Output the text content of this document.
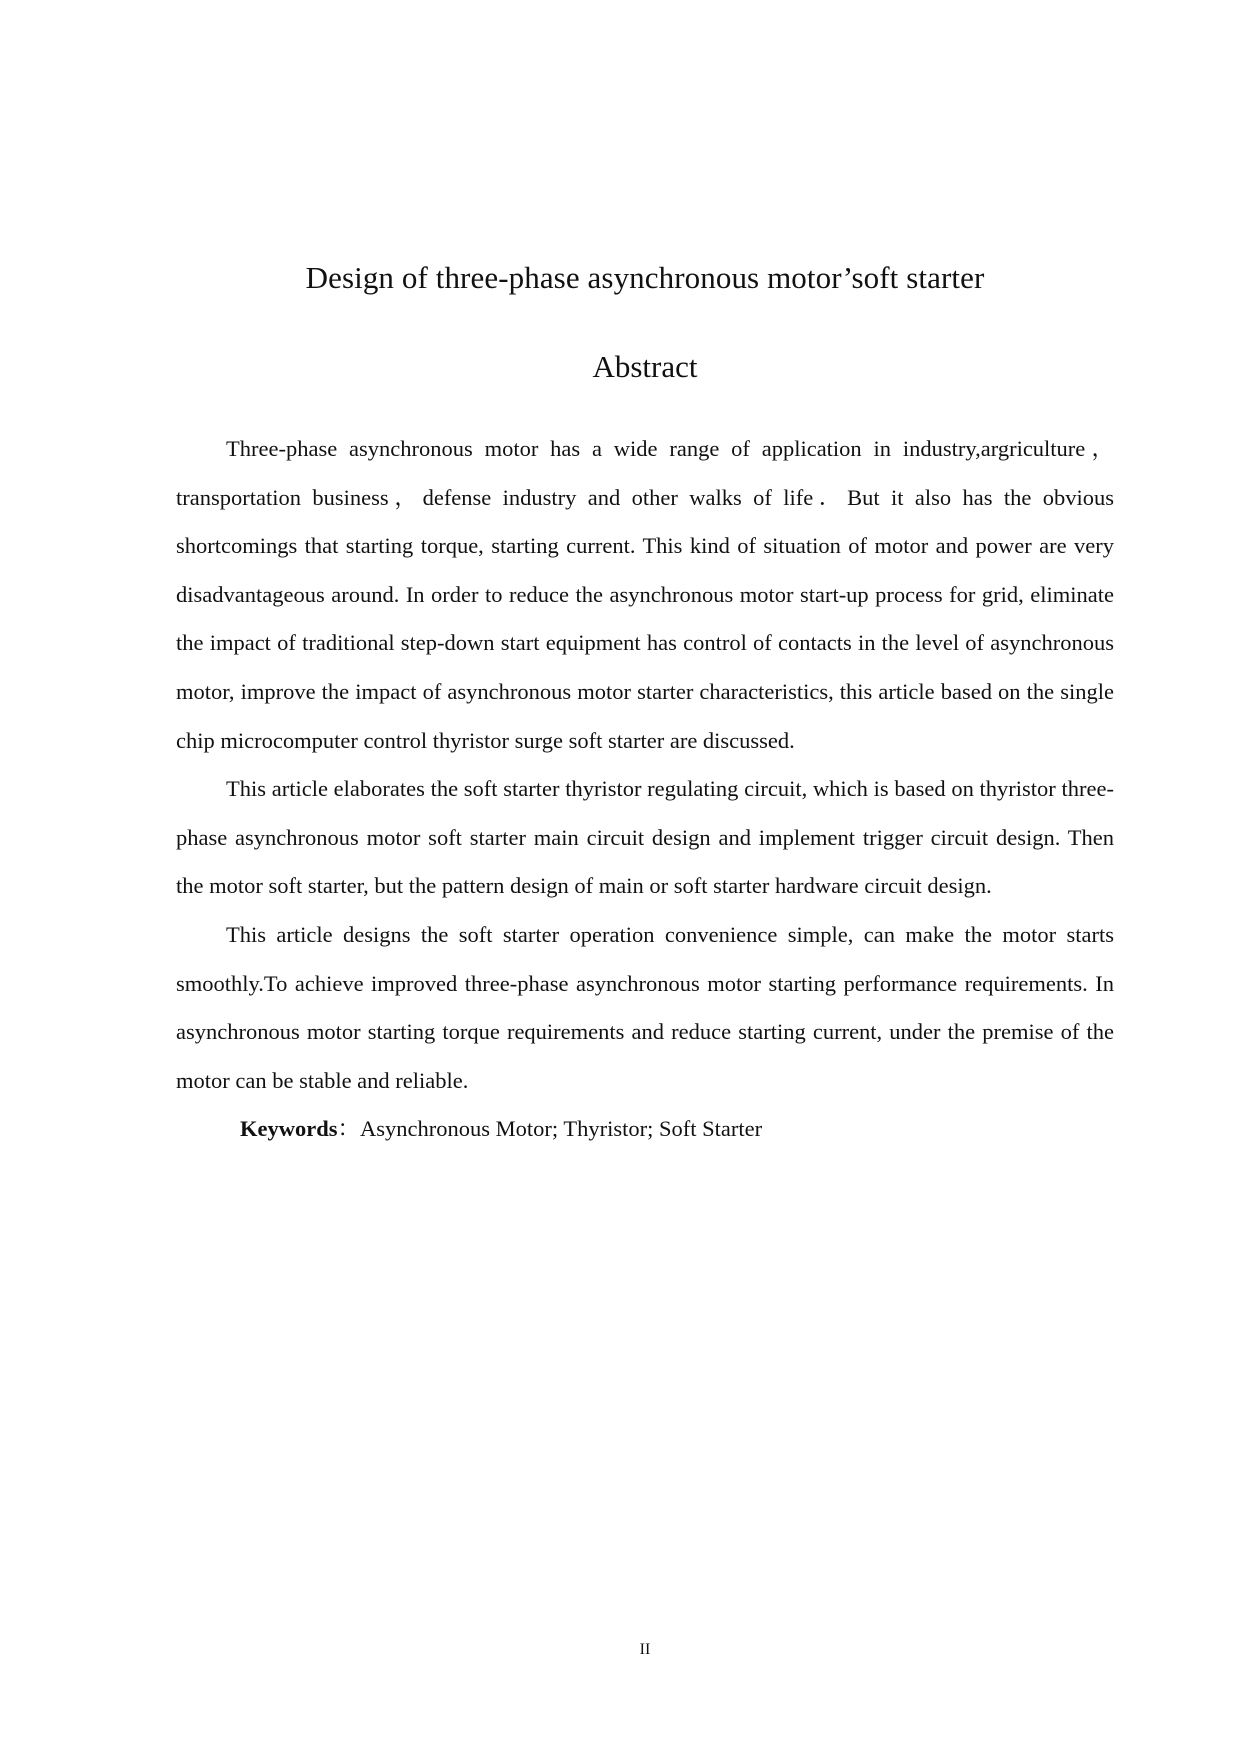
Design of three-phase asynchronous motor’soft starter
Abstract

Three-phase asynchronous motor has a wide range of application in industry,argriculture，transportation business，defense industry and other walks of life．But it also has the obvious shortcomings that starting torque, starting current. This kind of situation of motor and power are very disadvantageous around. In order to reduce the asynchronous motor start-up process for grid, eliminate the impact of traditional step-down start equipment has control of contacts in the level of asynchronous motor, improve the impact of asynchronous motor starter characteristics, this article based on the single chip microcomputer control thyristor surge soft starter are discussed.

This article elaborates the soft starter thyristor regulating circuit, which is based on thyristor three-phase asynchronous motor soft starter main circuit design and implement trigger circuit design. Then the motor soft starter, but the pattern design of main or soft starter hardware circuit design.

This article designs the soft starter operation convenience simple, can make the motor starts smoothly.To achieve improved three-phase asynchronous motor starting performance requirements. In asynchronous motor starting torque requirements and reduce starting current, under the premise of the motor can be stable and reliable.

Keywords：Asynchronous Motor; Thyristor; Soft Starter

II
